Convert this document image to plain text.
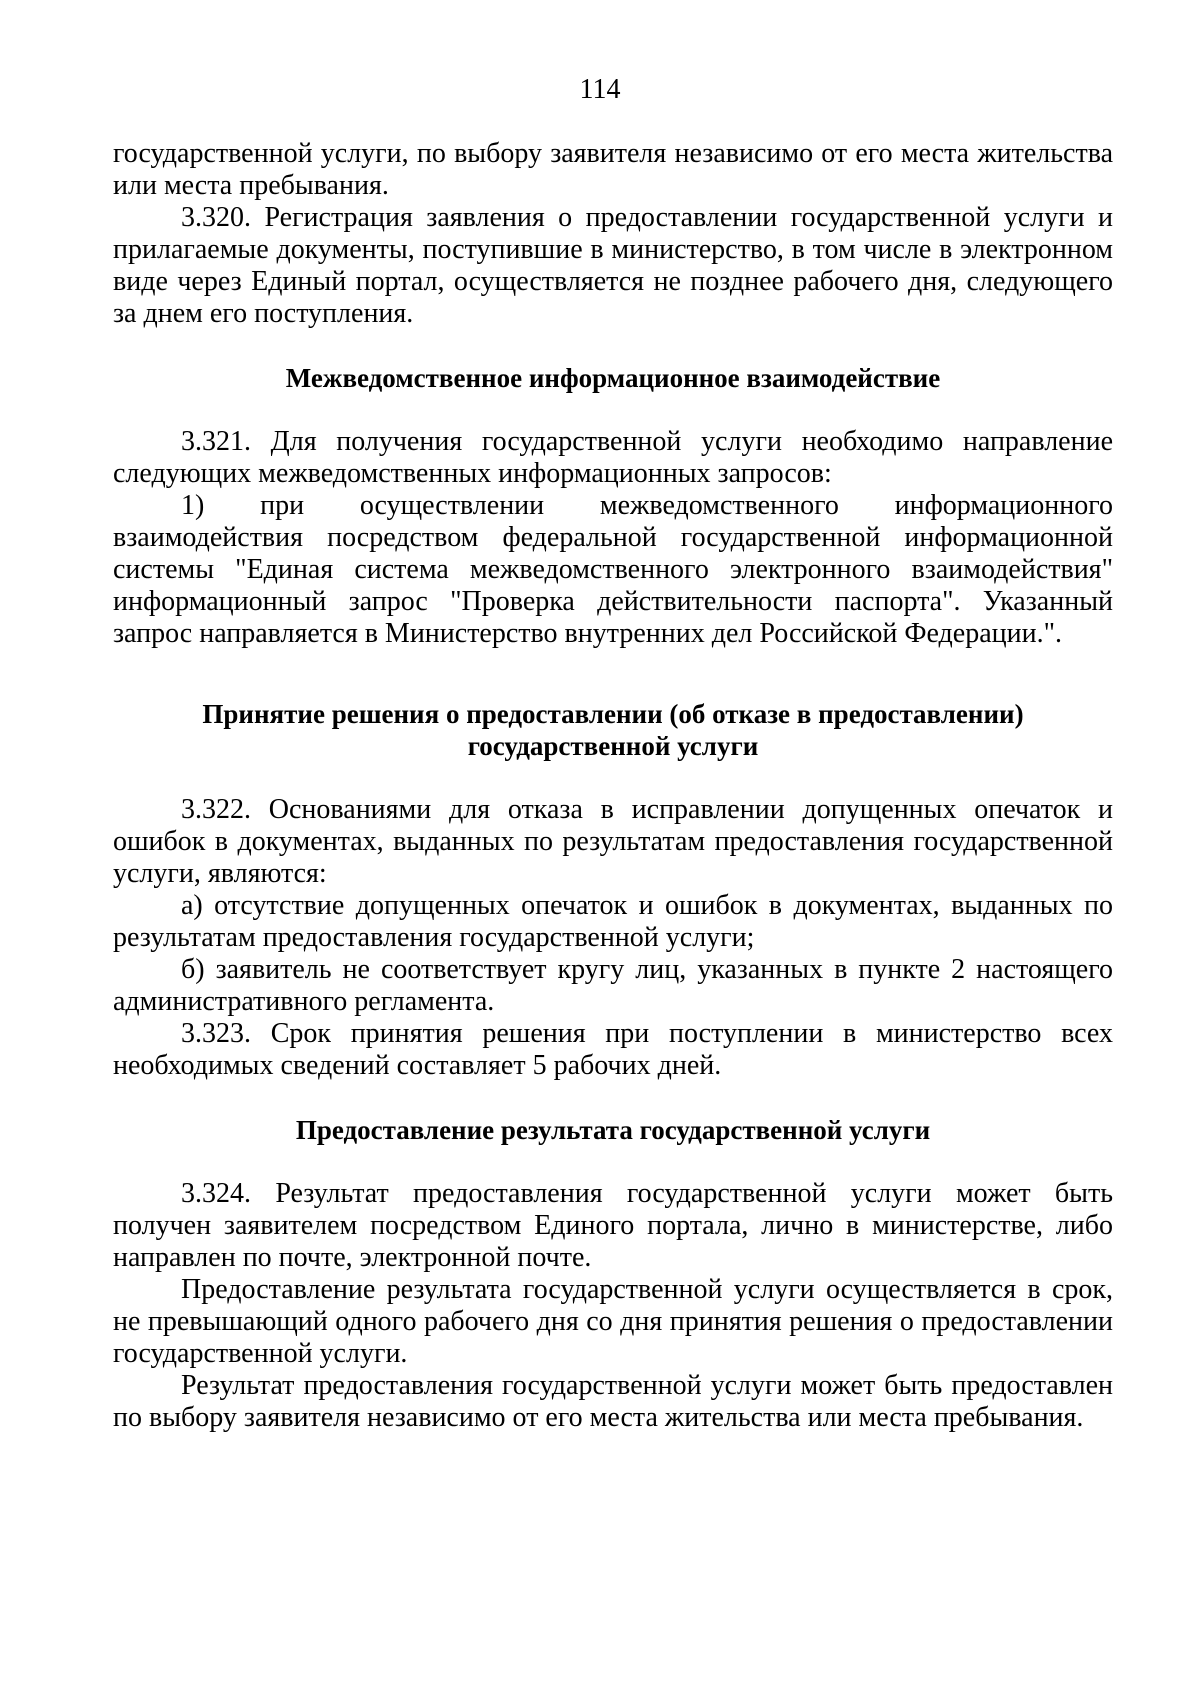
114

государственной услуги, по выбору заявителя независимо от его места жительства или места пребывания.

3.320. Регистрация заявления о предоставлении государственной услуги и прилагаемые документы, поступившие в министерство, в том числе в электронном виде через Единый портал, осуществляется не позднее рабочего дня, следующего за днем его поступления.

Межведомственное информационное взаимодействие

3.321. Для получения государственной услуги необходимо направление следующих межведомственных информационных запросов:

1) при осуществлении межведомственного информационного взаимодействия посредством федеральной государственной информационной системы "Единая система межведомственного электронного взаимодействия" информационный запрос "Проверка действительности паспорта". Указанный запрос направляется в Министерство внутренних дел Российской Федерации.".

Принятие решения о предоставлении (об отказе в предоставлении)
государственной услуги

3.322. Основаниями для отказа в исправлении допущенных опечаток и ошибок в документах, выданных по результатам предоставления государственной услуги, являются:

а) отсутствие допущенных опечаток и ошибок в документах, выданных по результатам предоставления государственной услуги;

б) заявитель не соответствует кругу лиц, указанных в пункте 2 настоящего административного регламента.

3.323. Срок принятия решения при поступлении в министерство всех необходимых сведений составляет 5 рабочих дней.

Предоставление результата государственной услуги

3.324. Результат предоставления государственной услуги может быть получен заявителем посредством Единого портала, лично в министерстве, либо направлен по почте, электронной почте.

Предоставление результата государственной услуги осуществляется в срок, не превышающий одного рабочего дня со дня принятия решения о предоставлении государственной услуги.

Результат предоставления государственной услуги может быть предоставлен по выбору заявителя независимо от его места жительства или места пребывания.
